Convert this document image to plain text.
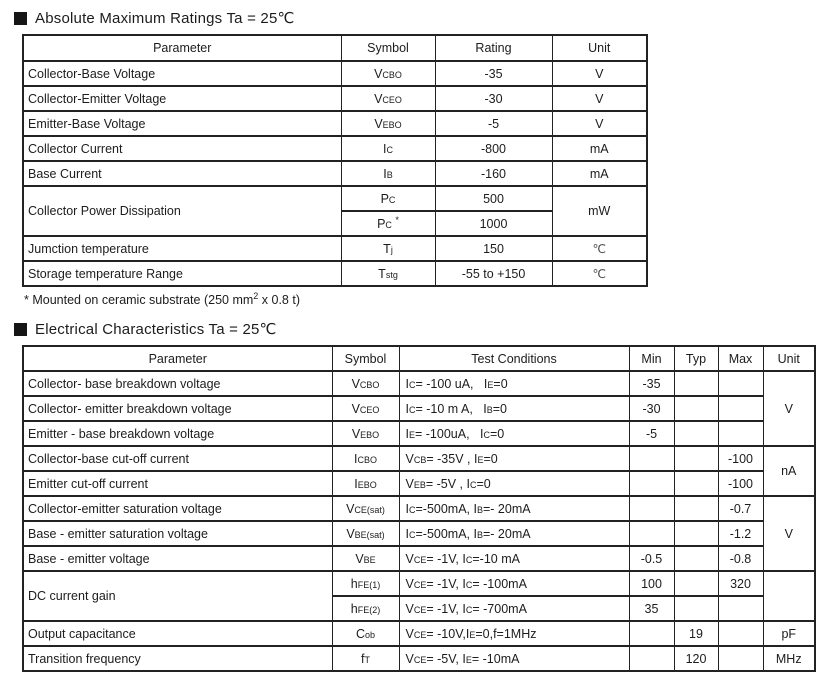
Absolute Maximum Ratings Ta = 25℃
Parameter	Symbol	Rating	Unit
Collector-Base Voltage	VCBO	-35	V
Collector-Emitter Voltage	VCEO	-30	V
Emitter-Base Voltage	VEBO	-5	V
Collector Current	IC	-800	mA
Base Current	IB	-160	mA
Collector Power Dissipation	PC	500	mW
	PC *	1000	
Jumction temperature	Tj	150	℃
Storage temperature Range	Tstg	-55 to +150	℃
* Mounted on ceramic substrate (250 $mm^2$ x 0.8 t)
Electrical Characteristics Ta = 25℃
Parameter	Symbol	Test Conditions	Min	Typ	Max	Unit
Collector- base breakdown voltage	VCBO	IC= -100 uA,   IE=0	-35			V
Collector- emitter breakdown voltage	VCEO	IC= -10 m A,   IB=0	-30			
Emitter - base breakdown voltage	VEBO	IE= -100uA,   IC=0	-5			
Collector-base cut-off current	ICBO	VCB= -35V , IE=0			-100	nA
Emitter cut-off current	IEBO	VEB= -5V , IC=0			-100	
Collector-emitter saturation voltage	VCE(sat)	IC=-500mA, IB=- 20mA			-0.7	V
Base - emitter saturation voltage	VBE(sat)	IC=-500mA, IB=- 20mA			-1.2	
Base - emitter voltage	VBE	VCE= -1V, IC=-10 mA	-0.5		-0.8	
DC current gain	hFE(1)	VCE= -1V, IC= -100mA	100		320	
	hFE(2)	VCE= -1V, IC= -700mA	35			
Output capacitance	Cob	VCE= -10V,IE=0,f=1MHz		19		pF
Transition frequency	fT	VCE= -5V, IE= -10mA		120		MHz
